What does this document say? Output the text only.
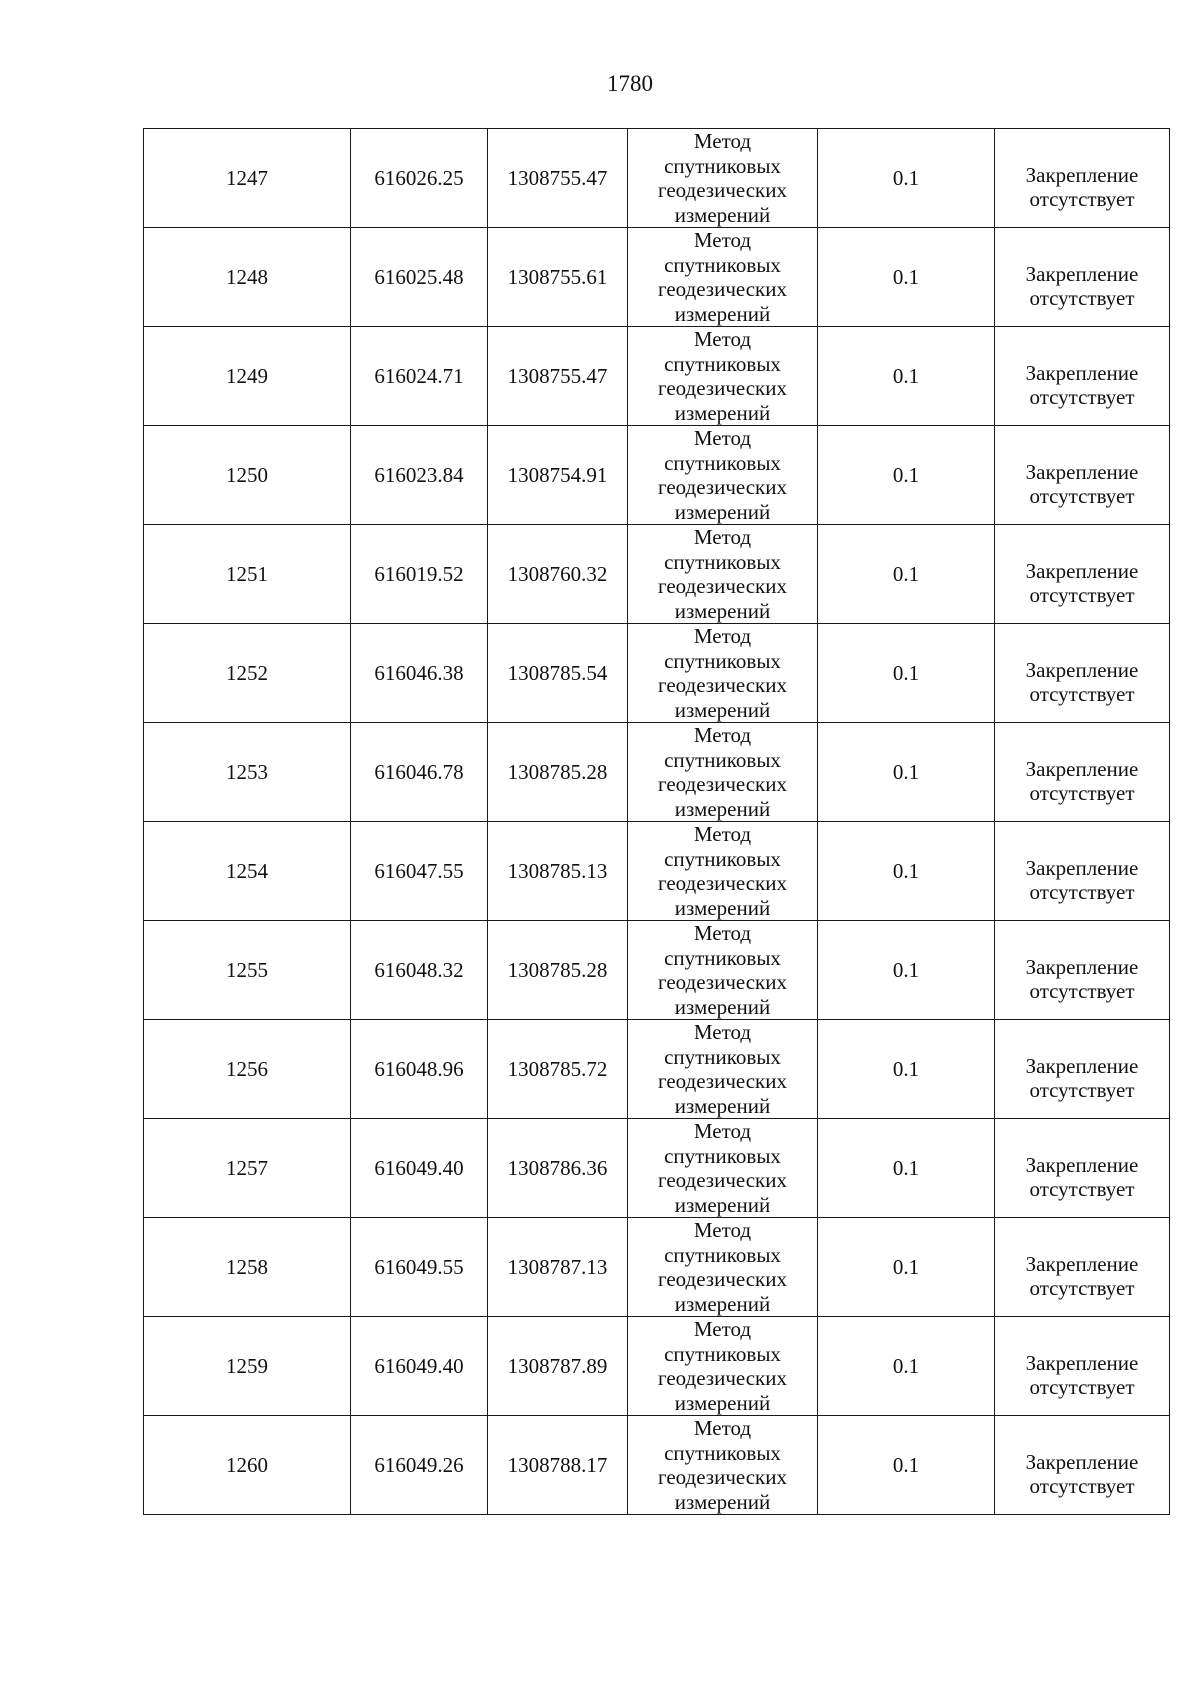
1780
1247	616026.25	1308755.47	Метод
спутниковых
геодезических
измерений	0.1	Закрепление
отсутствует

1248	616025.48	1308755.61	Метод
спутниковых
геодезических
измерений	0.1	Закрепление
отсутствует

1249	616024.71	1308755.47	Метод
спутниковых
геодезических
измерений	0.1	Закрепление
отсутствует

1250	616023.84	1308754.91	Метод
спутниковых
геодезических
измерений	0.1	Закрепление
отсутствует

1251	616019.52	1308760.32	Метод
спутниковых
геодезических
измерений	0.1	Закрепление
отсутствует

1252	616046.38	1308785.54	Метод
спутниковых
геодезических
измерений	0.1	Закрепление
отсутствует

1253	616046.78	1308785.28	Метод
спутниковых
геодезических
измерений	0.1	Закрепление
отсутствует

1254	616047.55	1308785.13	Метод
спутниковых
геодезических
измерений	0.1	Закрепление
отсутствует

1255	616048.32	1308785.28	Метод
спутниковых
геодезических
измерений	0.1	Закрепление
отсутствует

1256	616048.96	1308785.72	Метод
спутниковых
геодезических
измерений	0.1	Закрепление
отсутствует

1257	616049.40	1308786.36	Метод
спутниковых
геодезических
измерений	0.1	Закрепление
отсутствует

1258	616049.55	1308787.13	Метод
спутниковых
геодезических
измерений	0.1	Закрепление
отсутствует

1259	616049.40	1308787.89	Метод
спутниковых
геодезических
измерений	0.1	Закрепление
отсутствует

1260	616049.26	1308788.17	Метод
спутниковых
геодезических
измерений	0.1	Закрепление
отсутствует
